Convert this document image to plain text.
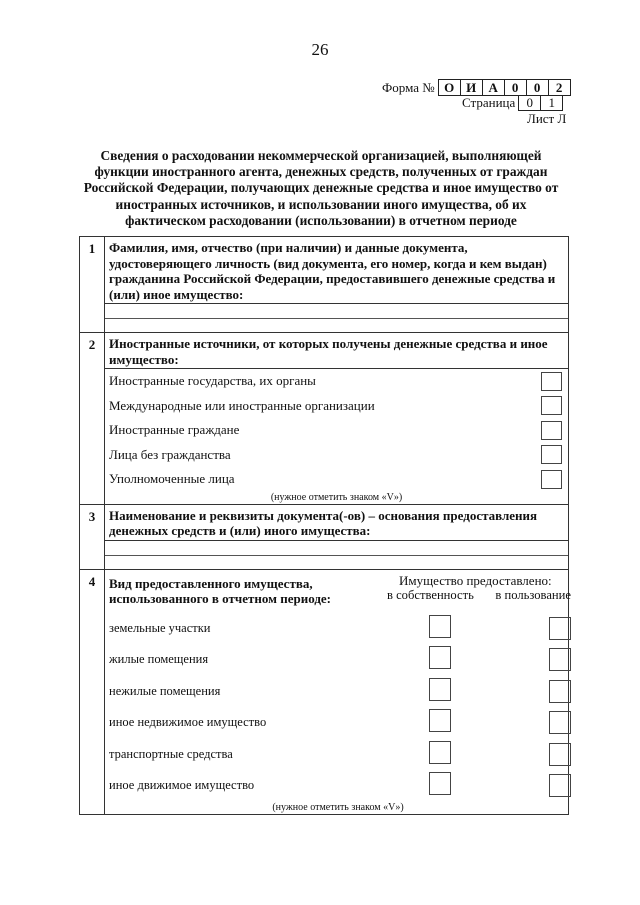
26
Форма № О И А	0	0	2
Страница 0	1
Лист Л
Сведения о расходовании некоммерческой организацией, выполняющей функции иностранного агента, денежных средств, полученных от граждан Российской Федерации, получающих денежные средства и иное имущество от иностранных источников, и использовании иного имущества, об их фактическом расходовании (использовании) в отчетном периоде
1	Фамилия, имя, отчество (при наличии) и данные документа, удостоверяющего личность (вид документа, его номер, когда и кем выдан) гражданина Российской Федерации, предоставившего денежные средства и (или) иное имущество:
2	Иностранные источники, от которых получены денежные средства и иное имущество:
Иностранные государства, их органы
Международные или иностранные организации
Иностранные граждане
Лица без гражданства
Уполномоченные лица
(нужное отметить знаком «V»)
3	Наименование и реквизиты документа(-ов) – основания предоставления денежных средств и (или) иного имущества:
4	Вид предоставленного имущества, использованного в отчетном периоде:
Имущество предоставлено:
в собственность в пользование
земельные участки
жилые помещения
нежилые помещения
иное недвижимое имущество
транспортные средства
иное движимое имущество
(нужное отметить знаком «V»)
